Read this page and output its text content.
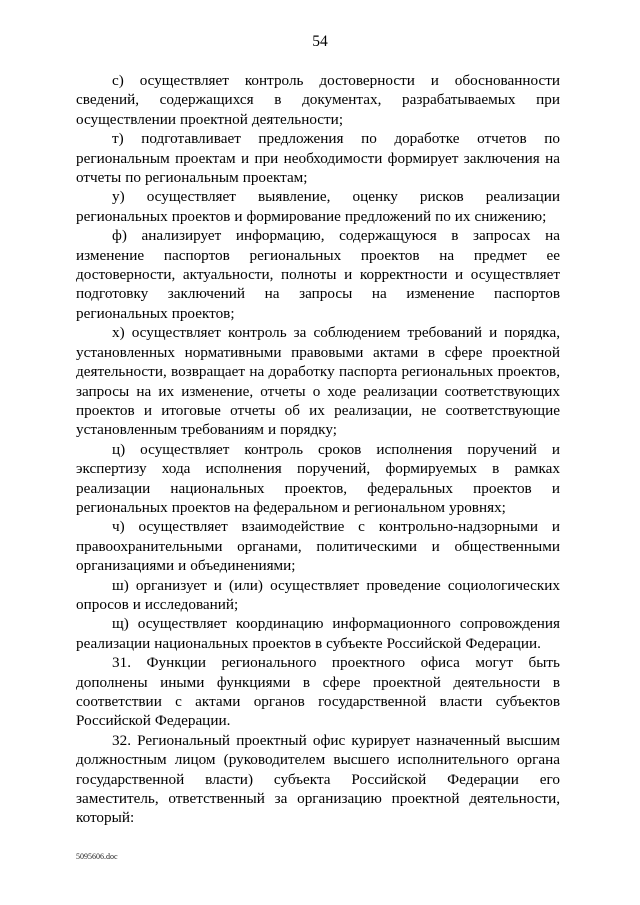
54

с) осуществляет контроль достоверности и обоснованности сведений, содержащихся в документах, разрабатываемых при осуществлении проектной деятельности;

т) подготавливает предложения по доработке отчетов по региональным проектам и при необходимости формирует заключения на отчеты по региональным проектам;

у) осуществляет выявление, оценку рисков реализации региональных проектов и формирование предложений по их снижению;

ф) анализирует информацию, содержащуюся в запросах на изменение паспортов региональных проектов на предмет ее достоверности, актуальности, полноты и корректности и осуществляет подготовку заключений на запросы на изменение паспортов региональных проектов;

х) осуществляет контроль за соблюдением требований и порядка, установленных нормативными правовыми актами в сфере проектной деятельности, возвращает на доработку паспорта региональных проектов, запросы на их изменение, отчеты о ходе реализации соответствующих проектов и итоговые отчеты об их реализации, не соответствующие установленным требованиям и порядку;

ц) осуществляет контроль сроков исполнения поручений и экспертизу хода исполнения поручений, формируемых в рамках реализации национальных проектов, федеральных проектов и региональных проектов на федеральном и региональном уровнях;

ч) осуществляет взаимодействие с контрольно-надзорными и правоохранительными органами, политическими и общественными организациями и объединениями;

ш) организует и (или) осуществляет проведение социологических опросов и исследований;

щ) осуществляет координацию информационного сопровождения реализации национальных проектов в субъекте Российской Федерации.

31. Функции регионального проектного офиса могут быть дополнены иными функциями в сфере проектной деятельности в соответствии с актами органов государственной власти субъектов Российской Федерации.

32. Региональный проектный офис курирует назначенный высшим должностным лицом (руководителем высшего исполнительного органа государственной власти) субъекта Российской Федерации его заместитель, ответственный за организацию проектной деятельности, который:

5095606.doc
